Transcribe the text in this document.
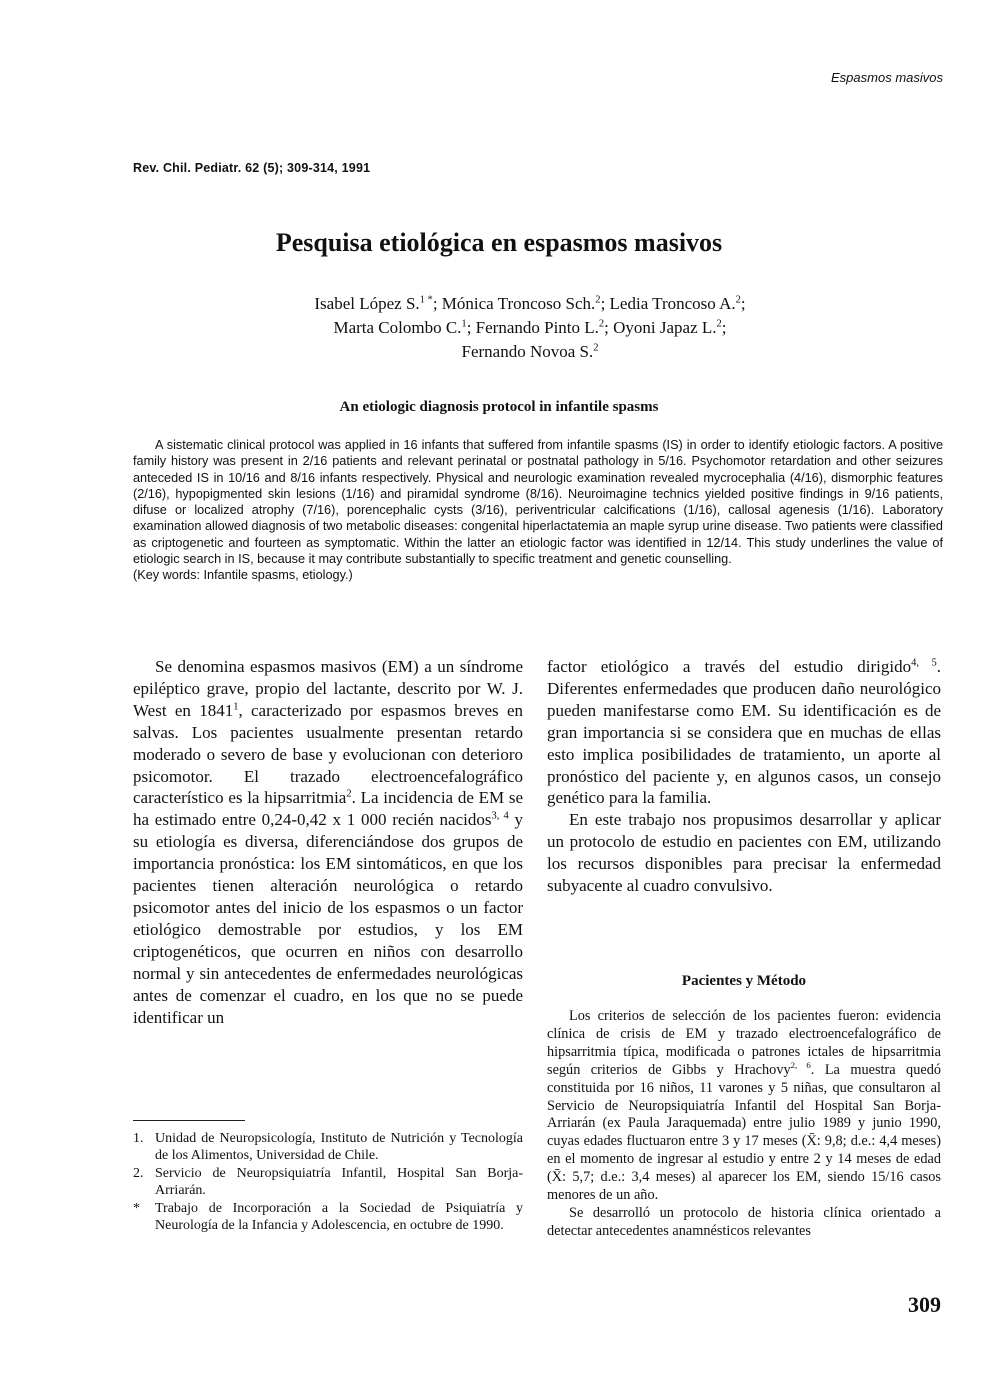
Espasmos masivos
Rev. Chil. Pediatr. 62 (5); 309-314, 1991
Pesquisa etiológica en espasmos masivos
Isabel López S.$^{1 *}$; Mónica Troncoso Sch.$^2$; Ledia Troncoso A.$^2$;
Marta Colombo C.$^1$; Fernando Pinto L.$^2$; Oyoni Japaz L.$^2$;
Fernando Novoa S.$^2$
An etiologic diagnosis protocol in infantile spasms

A sistematic clinical protocol was applied in 16 infants that suffered from infantile spasms (IS) in order to identify etiologic factors. A positive family history was present in 2/16 patients and relevant perinatal or postnatal pathology in 5/16. Psychomotor retardation and other seizures anteceded IS in 10/16 and 8/16 infants respectively. Physical and neurologic examination revealed mycrocephalia (4/16), dismorphic features (2/16), hypopigmented skin lesions (1/16) and piramidal syndrome (8/16). Neuroimagine technics yielded positive findings in 9/16 patients, difuse or localized atrophy (7/16), porencephalic cysts (3/16), periventricular calcifications (1/16), callosal agenesis (1/16). Laboratory examination allowed diagnosis of two metabolic diseases: congenital hiperlactatemia an maple syrup urine disease. Two patients were classified as criptogenetic and fourteen as symptomatic. Within the latter an etiologic factor was identified in 12/14. This study underlines the value of etiologic search in IS, because it may contribute substantially to specific treatment and genetic counselling.

(Key words: Infantile spasms, etiology.)

Se denomina espasmos masivos (EM) a un síndrome epiléptico grave, propio del lactante, descrito por W. J. West en 1841$^1$, caracterizado por espasmos breves en salvas. Los pacientes usualmente presentan retardo moderado o severo de base y evolucionan con deterioro psicomotor. El trazado electroencefalográfico característico es la hipsarritmia$^2$. La incidencia de EM se ha estimado entre 0,24-0,42 x 1 000 recién nacidos$^{3, 4}$ y su etiología es diversa, diferenciándose dos grupos de importancia pronóstica: los EM sintomáticos, en que los pacientes tienen alteración neurológica o retardo psicomotor antes del inicio de los espasmos o un factor etiológico demostrable por estudios, y los EM criptogenéticos, que ocurren en niños con desarrollo normal y sin antecedentes de enfermedades neurológicas antes de comenzar el cuadro, en los que no se puede identificar un

factor etiológico a través del estudio dirigido$^{4, 5}$. Diferentes enfermedades que producen daño neurológico pueden manifestarse como EM. Su identificación es de gran importancia si se considera que en muchas de ellas esto implica posibilidades de tratamiento, un aporte al pronóstico del paciente y, en algunos casos, un consejo genético para la familia.

En este trabajo nos propusimos desarrollar y aplicar un protocolo de estudio en pacientes con EM, utilizando los recursos disponibles para precisar la enfermedad subyacente al cuadro convulsivo.

Pacientes y Método

Los criterios de selección de los pacientes fueron: evidencia clínica de crisis de EM y trazado electroencefalográfico de hipsarritmia típica, modificada o patrones ictales de hipsarritmia según criterios de Gibbs y Hrachovy$^{2, 6}$. La muestra quedó constituida por 16 niños, 11 varones y 5 niñas, que consultaron al Servicio de Neuropsiquiatría Infantil del Hospital San Borja-Arriarán (ex Paula Jaraquemada) entre julio 1989 y junio 1990, cuyas edades fluctuaron entre 3 y 17 meses (X̄: 9,8; d.e.: 4,4 meses) en el momento de ingresar al estudio y entre 2 y 14 meses de edad (X̄: 5,7; d.e.: 3,4 meses) al aparecer los EM, siendo 15/16 casos menores de un año.

Se desarrolló un protocolo de historia clínica orientado a detectar antecedentes anamnésticos relevantes

1. Unidad de Neuropsicología, Instituto de Nutrición y Tecnología de los Alimentos, Universidad de Chile.
2. Servicio de Neuropsiquiatría Infantil, Hospital San Borja-Arriarán.
*	Trabajo de Incorporación a la Sociedad de Psiquiatría y Neurología de la Infancia y Adolescencia, en octubre de 1990.
309
